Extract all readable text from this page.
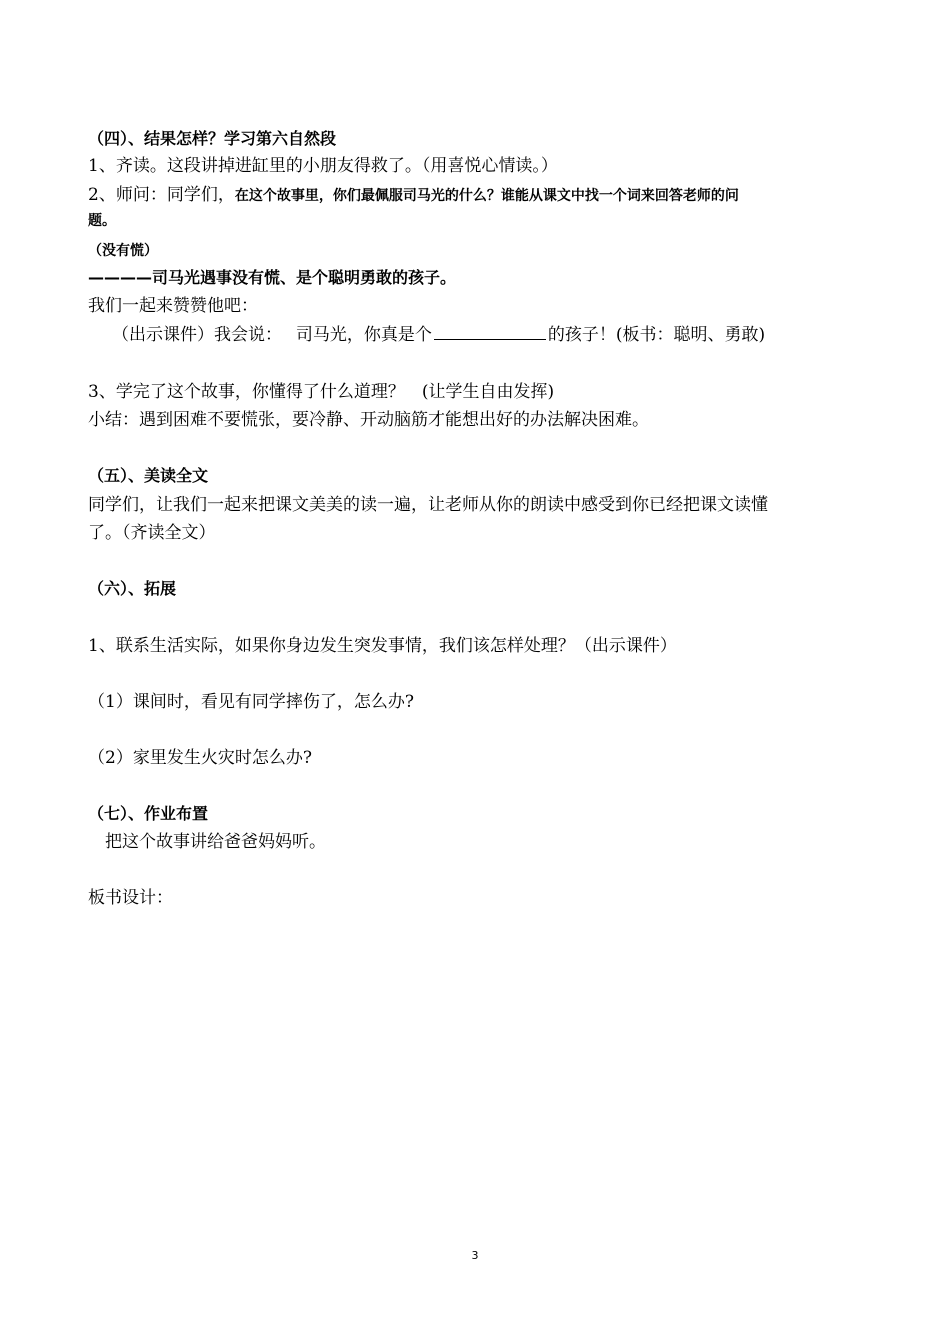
（四）、结果怎样？学习第六自然段
1、齐读。这段讲掉进缸里的小朋友得救了。（用喜悦心情读。）
2、师问：同学们，在这个故事里，你们最佩服司马光的什么？谁能从课文中找一个词来回答老师的问
题。
（没有慌）
————司马光遇事没有慌、是个聪明勇敢的孩子。
我们一起来赞赞他吧：
（出示课件）我会说：　 司马光，你真是个	的孩子！(板书：聪明、勇敢)
3、学完了这个故事，你懂得了什么道理？　(让学生自由发挥)
小结：遇到困难不要慌张，要冷静、开动脑筋才能想出好的办法解决困难。
（五）、美读全文
同学们，让我们一起来把课文美美的读一遍，让老师从你的朗读中感受到你已经把课文读懂
了。（齐读全文）
（六）、拓展
1、联系生活实际，如果你身边发生突发事情，我们该怎样处理？（出示课件）
（1）课间时，看见有同学摔伤了，怎么办?
（2）家里发生火灾时怎么办?
（七）、作业布置
把这个故事讲给爸爸妈妈听。
板书设计：
3
